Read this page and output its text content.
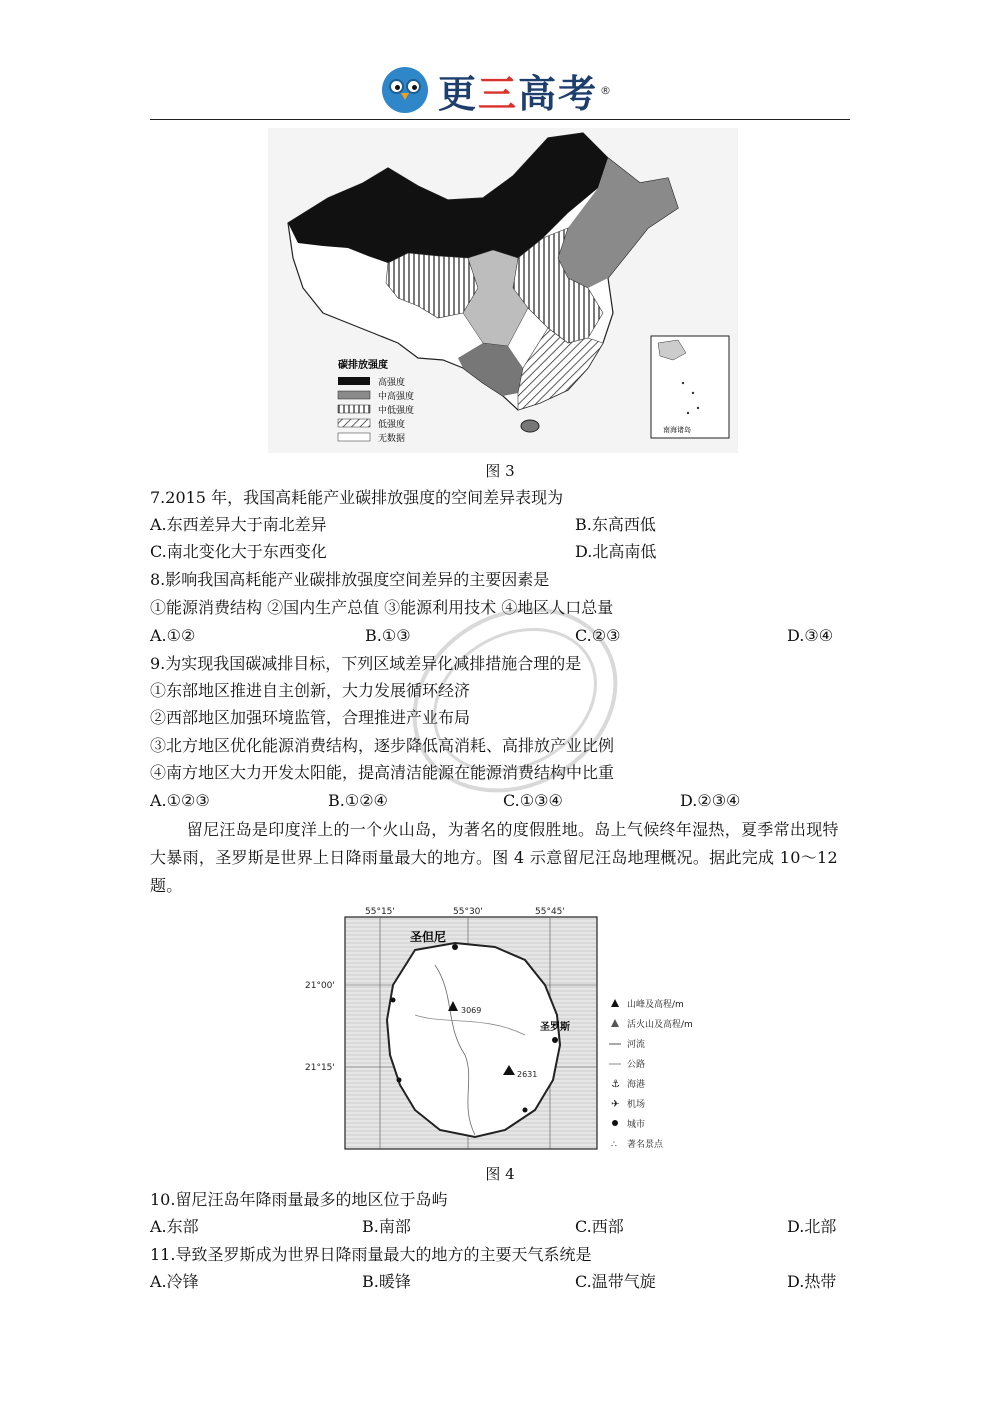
更三高考 ®
碳排放强度
高强度
中高强度
中低强度
低强度
无数据
南海诸岛
图 3
7.2015 年，我国高耗能产业碳排放强度的空间差异表现为
A.东西差异大于南北差异	B.东高西低
C.南北变化大于东西变化	D.北高南低
8.影响我国高耗能产业碳排放强度空间差异的主要因素是
①能源消费结构 ②国内生产总值 ③能源利用技术 ④地区人口总量
A.①②	B.①③	C.②③	D.③④
9.为实现我国碳减排目标，下列区域差异化减排措施合理的是
①东部地区推进自主创新，大力发展循环经济
②西部地区加强环境监管，合理推进产业布局
③北方地区优化能源消费结构，逐步降低高消耗、高排放产业比例
④南方地区大力开发太阳能，提高清洁能源在能源消费结构中比重
A.①②③	B.①②④	C.①③④	D.②③④
留尼汪岛是印度洋上的一个火山岛，为著名的度假胜地。岛上气候终年湿热，夏季常出现特大暴雨，圣罗斯是世界上日降雨量最大的地方。图 4 示意留尼汪岛地理概况。据此完成 10～12 题。
55°15'	55°30'	55°45'
21°00'
21°15'
3069
2631
圣但尼
圣罗斯
山峰及高程/m
活火山及高程/m
河流
公路
⚓ 海港
✈ 机场
城市
∴ 著名景点
图 4
10.留尼汪岛年降雨量最多的地区位于岛屿
A.东部	B.南部	C.西部	D.北部
11.导致圣罗斯成为世界日降雨量最大的地方的主要天气系统是
A.冷锋	B.暖锋	C.温带气旋	D.热带
